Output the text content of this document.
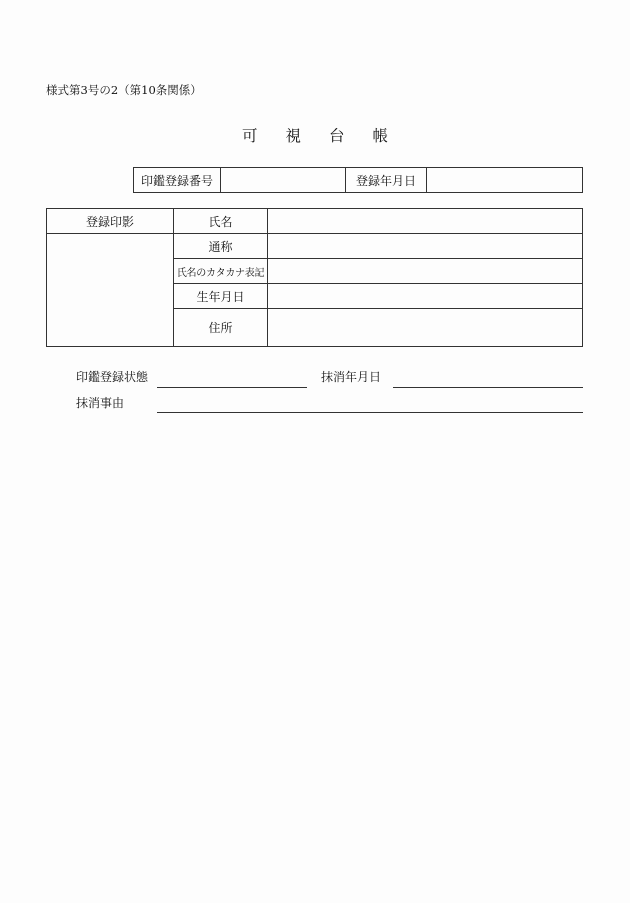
様式第3号の2（第10条関係）
可 視 台 帳
印鑑登録番号		登録年月日	
登録印影	氏名	
	通称	
	氏名のカタカナ表記	
	生年月日	
	住所	
印鑑登録状態	抹消年月日
抹消事由
